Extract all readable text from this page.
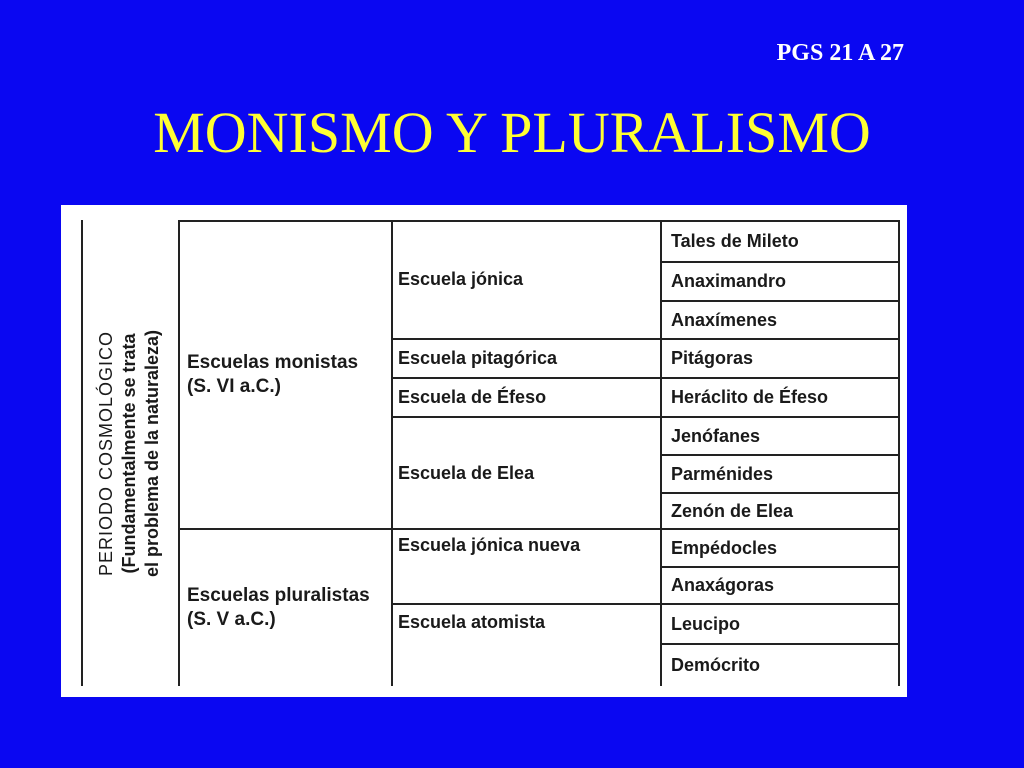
PGS 21 A 27
MONISMO Y PLURALISMO
PERIODO COSMOLÓGICO (Fundamentalmente se trata el problema de la naturaleza) Escuelas monistas
(S. VI a.C.)
Escuelas pluralistas
(S. V a.C.)
Escuela jónica
Escuela pitagórica
Escuela de Éfeso
Escuela de Elea
Escuela jónica nueva
Escuela atomista
Tales de Mileto
Anaximandro
Anaxímenes
Pitágoras
Heráclito de Éfeso
Jenófanes
Parménides
Zenón de Elea
Empédocles
Anaxágoras
Leucipo
Demócrito
